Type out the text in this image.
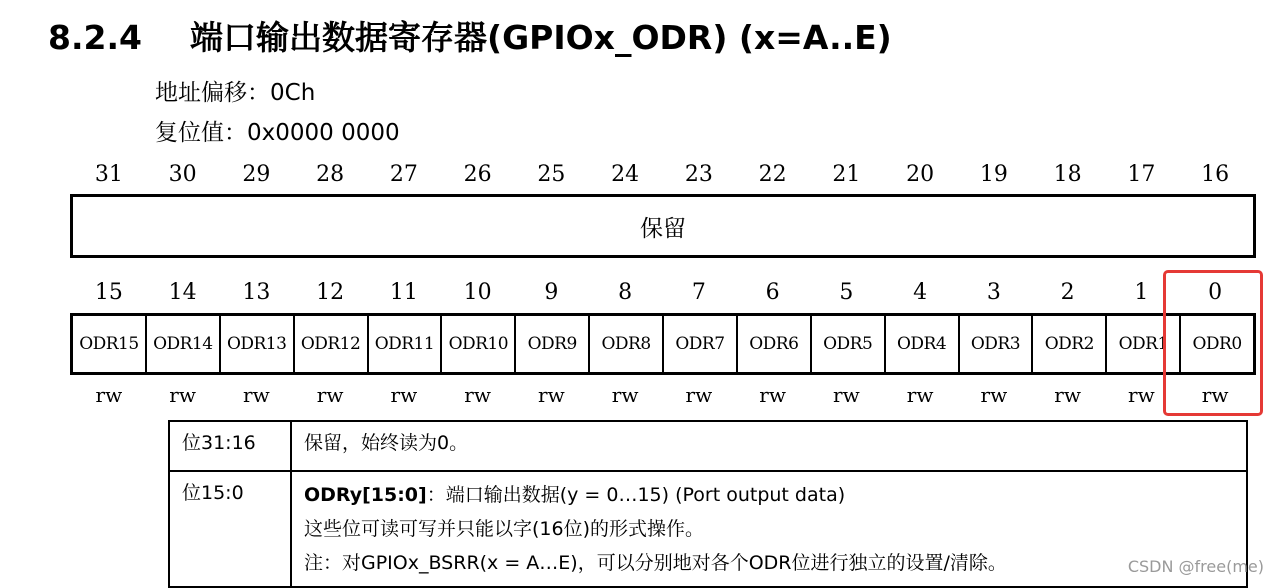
8.2.4 端口输出数据寄存器(GPIOx_ODR) (x=A..E)
地址偏移：0Ch
复位值：0x0000 0000
31	30	29	28	27	26	25	24	23	22	21	20	19	18	17	16
保留
15	14	13	12	11	10	9	8	7	6	5	4	3	2	1	0
ODR15 ODR14 ODR13 ODR12 ODR11 ODR10	ODR9	ODR8	ODR7	ODR6	ODR5	ODR4	ODR3	ODR2	ODR1	ODR0
rw	rw	rw	rw	rw	rw	rw	rw	rw	rw	rw	rw	rw	rw	rw	rw
位31:16	保留，始终读为0。
位15:0	ODRy[15:0]：端口输出数据(y = 0…15) (Port output data)
这些位可读可写并只能以字(16位)的形式操作。
注：对GPIOx_BSRR(x = A…E)，可以分别地对各个ODR位进行独立的设置/清除。	CSDN @free(me)
